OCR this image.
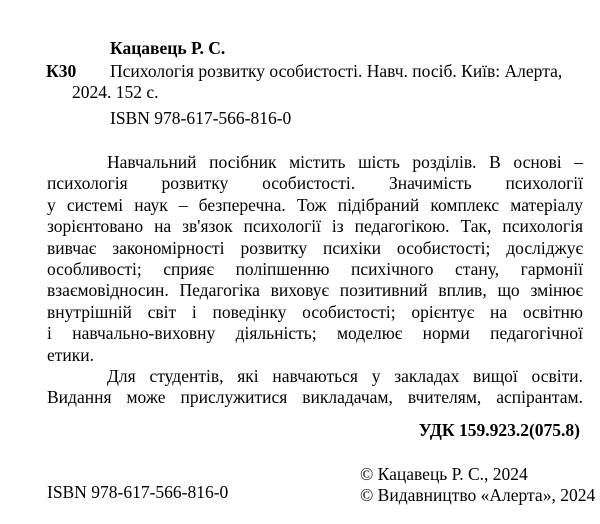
Кацавець Р. С.
К30 Психологія розвитку особистості. Навч. посіб. Київ: Алерта,
2024. 152 с.
ISBN 978-617-566-816-0
Навчальний посібник містить шість розділів. В основі –
психологія розвитку особистості. Значимість психології
у системі наук – безперечна. Тож підібраний комплекс матеріалу
зорієнтовано на зв'язок психології із педагогікою. Так, психологія
вивчає закономірності розвитку психіки особистості; досліджує
особливості; сприяє поліпшенню психічного стану, гармонії
взаємовідносин. Педагогіка виховує позитивний вплив, що змінює
внутрішній світ і поведінку особистості; орієнтує на освітню
і навчально-виховну діяльність; моделює норми педагогічної
етики.
Для студентів, які навчаються у закладах вищої освіти.
Видання може прислужитися викладачам, вчителям, аспірантам.
УДК 159.923.2(075.8)
ISBN 978-617-566-816-0
© Кацавець Р. С., 2024
© Видавництво «Алерта», 2024
